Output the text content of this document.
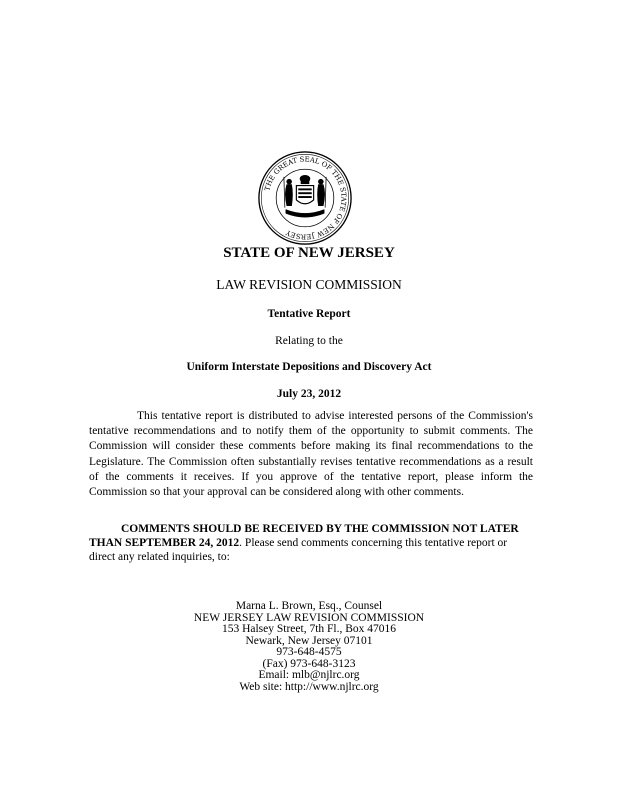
THE GREAT SEAL OF THE STATE OF NEW JERSEY
STATE OF NEW JERSEY
LAW REVISION COMMISSION
Tentative Report
Relating to the
Uniform Interstate Depositions and Discovery Act
July 23, 2012

This tentative report is distributed to advise interested persons of the Commission's tentative recommendations and to notify them of the opportunity to submit comments. The Commission will consider these comments before making its final recommendations to the Legislature. The Commission often substantially revises tentative recommendations as a result of the comments it receives. If you approve of the tentative report, please inform the Commission so that your approval can be considered along with other comments.

COMMENTS SHOULD BE RECEIVED BY THE COMMISSION NOT LATER THAN SEPTEMBER 24, 2012. Please send comments concerning this tentative report or direct any related inquiries, to:

Marna L. Brown, Esq., Counsel
NEW JERSEY LAW REVISION COMMISSION
153 Halsey Street, 7th Fl., Box 47016
Newark, New Jersey 07101
973-648-4575
(Fax) 973-648-3123
Email: mlb@njlrc.org
Web site: http://www.njlrc.org
